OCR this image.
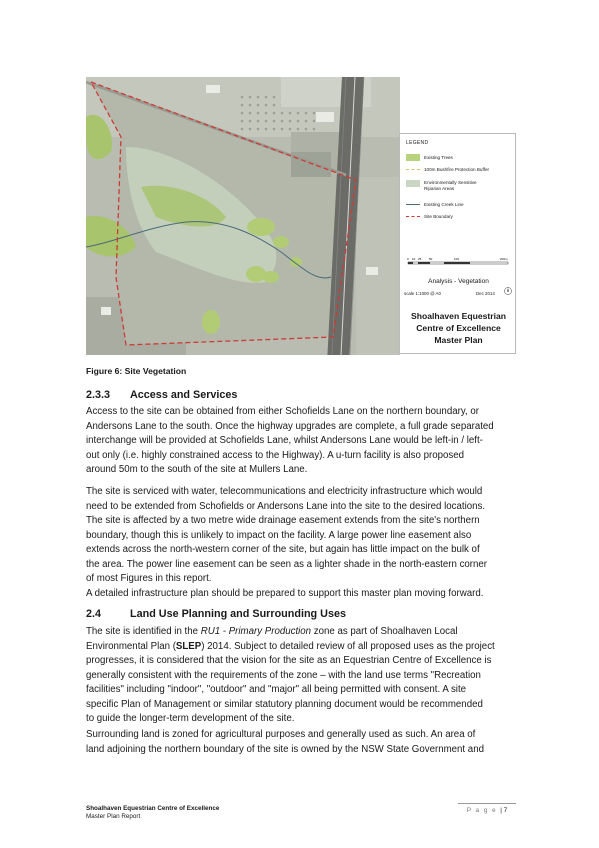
LEGEND
Existing Trees
100m Bushfire Protection Buffer
Environmentally Sensitive Riparian Areas
Existing Creek Line
Site Boundary
0 10 25	50	100	200m
Analysis - Vegetation
scale 1:1000 @ A0	Dec 2014
Shoalhaven Equestrian
Centre of Excellence
Master Plan
Figure 6: Site Vegetation
2.3.3 Access and Services

Access to the site can be obtained from either Schofields Lane on the northern boundary, or
Andersons Lane to the south. Once the highway upgrades are complete, a full grade separated
interchange will be provided at Schofields Lane, whilst Andersons Lane would be left-in / left-
out only (i.e. highly constrained access to the Highway). A u-turn facility is also proposed
around 50m to the south of the site at Mullers Lane.

The site is serviced with water, telecommunications and electricity infrastructure which would
need to be extended from Schofields or Andersons Lane into the site to the desired locations.
The site is affected by a two metre wide drainage easement extends from the site's northern
boundary, though this is unlikely to impact on the facility. A large power line easement also
extends across the north-western corner of the site, but again has little impact on the bulk of
the area. The power line easement can be seen as a lighter shade in the north-eastern corner
of most Figures in this report.

A detailed infrastructure plan should be prepared to support this master plan moving forward.

2.4	Land Use Planning and Surrounding Uses

The site is identified in the RU1 - Primary Production zone as part of Shoalhaven Local
Environmental Plan (SLEP) 2014. Subject to detailed review of all proposed uses as the project
progresses, it is considered that the vision for the site as an Equestrian Centre of Excellence is
generally consistent with the requirements of the zone – with the land use terms "Recreation
facilities" including "indoor", "outdoor" and "major" all being permitted with consent. A site
specific Plan of Management or similar statutory planning document would be recommended
to guide the longer-term development of the site.

Surrounding land is zoned for agricultural purposes and generally used as such. An area of
land adjoining the northern boundary of the site is owned by the NSW State Government and

Shoalhaven Equestrian Centre of Excellence
Master Plan Report
P a g e | 7
